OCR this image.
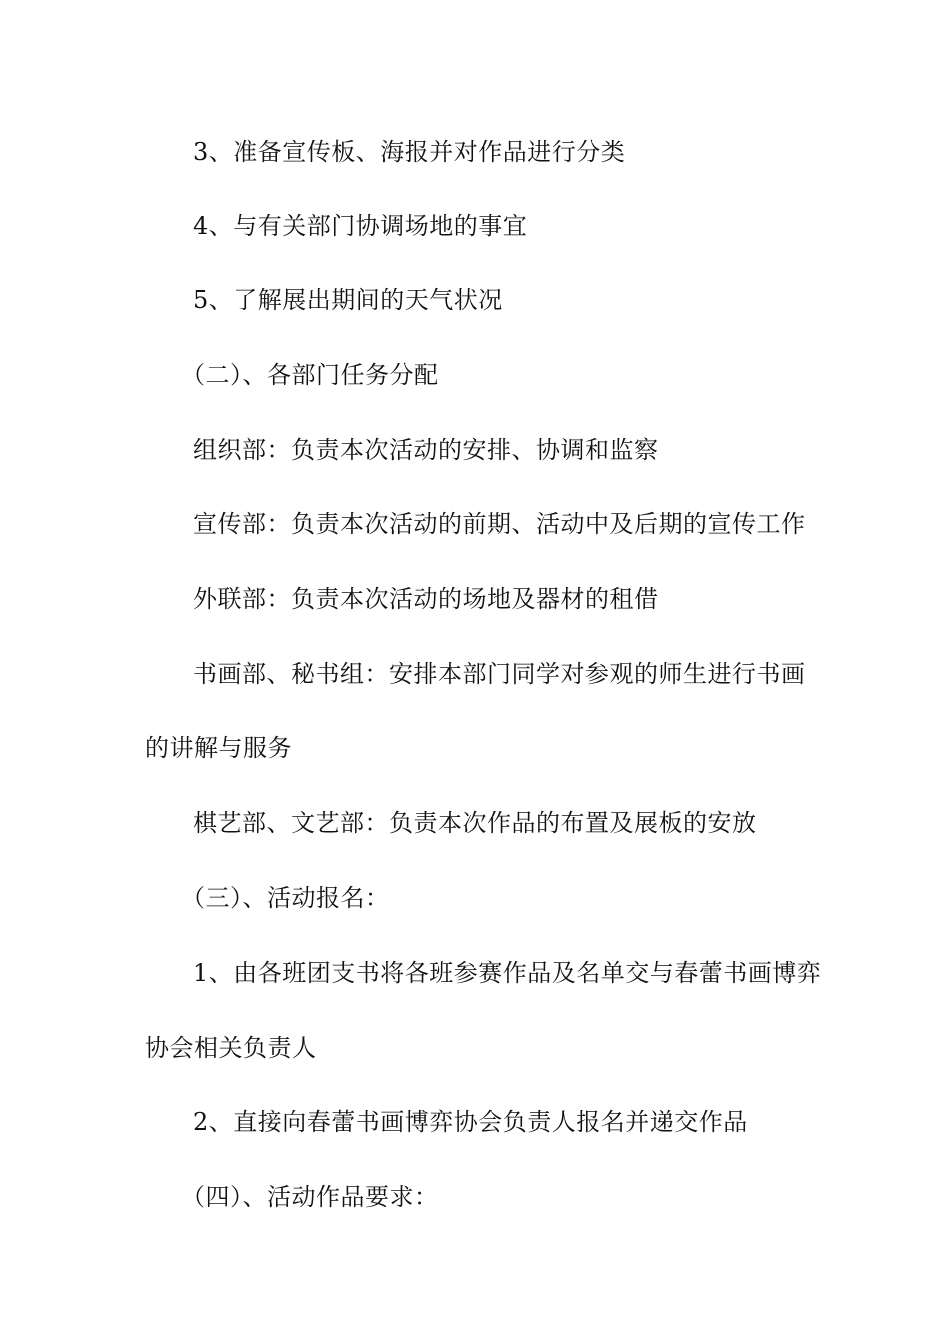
3、准备宣传板、海报并对作品进行分类
4、与有关部门协调场地的事宜
5、了解展出期间的天气状况
（二）、各部门任务分配
组织部：负责本次活动的安排、协调和监察
宣传部：负责本次活动的前期、活动中及后期的宣传工作
外联部：负责本次活动的场地及器材的租借
书画部、秘书组：安排本部门同学对参观的师生进行书画
的讲解与服务
棋艺部、文艺部：负责本次作品的布置及展板的安放
（三）、活动报名：
1、由各班团支书将各班参赛作品及名单交与春蕾书画博弈
协会相关负责人
2、直接向春蕾书画博弈协会负责人报名并递交作品
（四）、活动作品要求：
